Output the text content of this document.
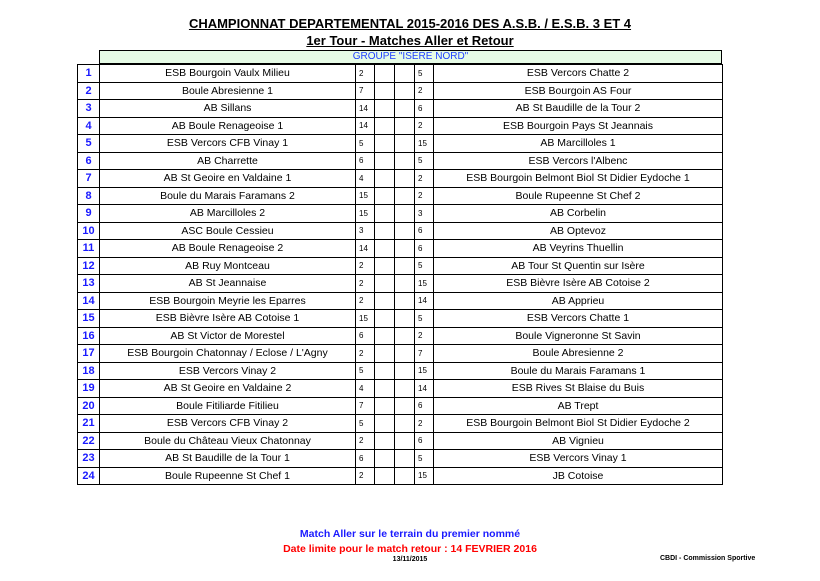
CHAMPIONNAT DEPARTEMENTAL 2015-2016 DES A.S.B. / E.S.B. 3 ET 4
1er Tour - Matches Aller et Retour
GROUPE "ISÈRE NORD"
1	ESB Bourgoin Vaulx Milieu	2			5	ESB Vercors Chatte 2
2	Boule Abresienne 1	7			2	ESB Bourgoin AS Four
3	AB Sillans	14			6	AB St Baudille de la Tour 2
4	AB Boule Renageoise 1	14			2	ESB Bourgoin Pays St Jeannais
5	ESB Vercors CFB Vinay 1	5			15	AB Marcilloles 1
6	AB Charrette	6			5	ESB Vercors l'Albenc
7	AB St Geoire en Valdaine 1	4			2	ESB Bourgoin Belmont Biol St Didier Eydoche 1
8	Boule du Marais Faramans 2	15			2	Boule Rupeenne St Chef 2
9	AB Marcilloles 2	15			3	AB Corbelin
10	ASC Boule Cessieu	3			6	AB Optevoz
11	AB Boule Renageoise 2	14			6	AB Veyrins Thuellin
12	AB Ruy Montceau	2			5	AB Tour St Quentin sur Isère
13	AB St Jeannaise	2			15	ESB Bièvre Isère AB Cotoise 2
14	ESB Bourgoin Meyrie les Eparres	2			14	AB Apprieu
15	ESB Bièvre Isère AB Cotoise 1	15			5	ESB Vercors Chatte 1
16	AB St Victor de Morestel	6			2	Boule Vigneronne St Savin
17	ESB Bourgoin Chatonnay / Eclose / L'Agny	2			7	Boule Abresienne 2
18	ESB Vercors Vinay 2	5			15	Boule du Marais Faramans 1
19	AB St Geoire en Valdaine 2	4			14	ESB Rives St Blaise du Buis
20	Boule Fitiliarde Fitilieu	7			6	AB Trept
21	ESB Vercors CFB Vinay 2	5			2	ESB Bourgoin Belmont Biol St Didier Eydoche 2
22	Boule du Château Vieux Chatonnay	2			6	AB Vignieu
23	AB St Baudille de la Tour 1	6			5	ESB Vercors Vinay 1
24	Boule Rupeenne St Chef 1	2			15	JB Cotoise
Match Aller sur le terrain du premier nommé
Date limite pour le match retour : 14 FEVRIER 2016
13/11/2015	CBDI - Commission Sportive
